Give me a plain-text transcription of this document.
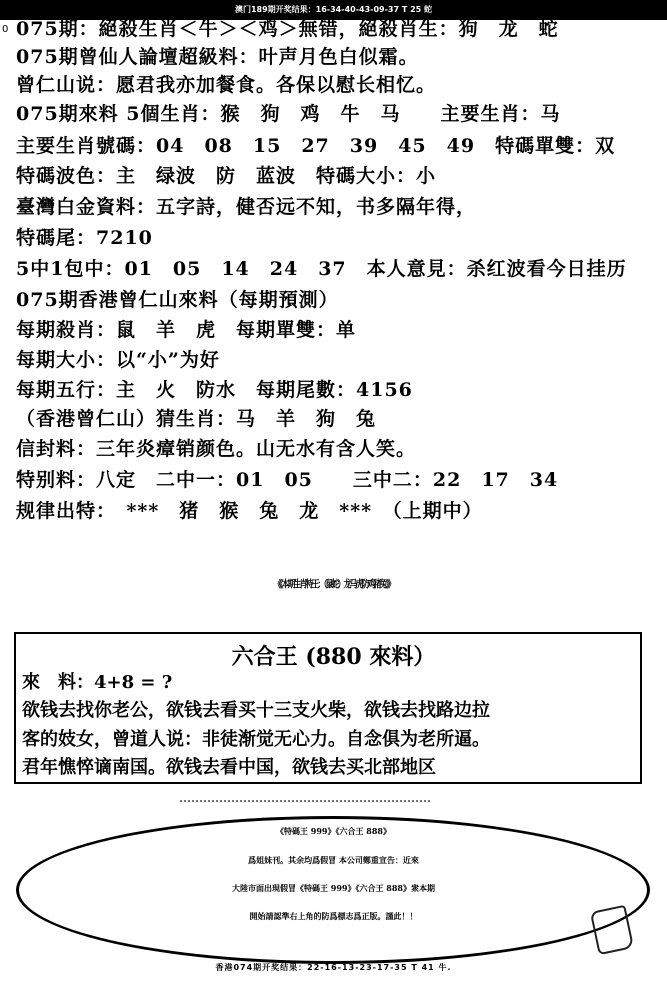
澳门189期开奖结果：16-34-40-43-09-37 T 25 蛇
0 075期：絕殺生肖＜牛＞＜鸡＞無错，絕殺肖生：狗　龙　蛇
075期曾仙人論壇超級料：叶声月色白似霜。
曾仁山说：愿君我亦加餐食。各保以慰长相忆。
075期來料 5個生肖：猴　狗　鸡　牛　马　　主要生肖：马
主要生肖號碼：04　08　15　27　39　45　49　特碼單雙：双
特碼波色：主　绿波　防　蓝波　特碼大小：小
臺灣白金資料：五字詩，健否远不知，书多隔年得，
特碼尾：7210
5中1包中：01　05　14　24　37　本人意見：杀红波看今日挂历
075期香港曾仁山來料（每期預測）
每期殺肖：鼠　羊　虎　每期單雙：单
每期大小：以“小”为好
每期五行：主　火　防水　每期尾數：4156
（香港曾仁山）猜生肖：马　羊　狗　兔
信封料：三年炎瘴销颜色。山无水有含人笑。
特别料：八定　二中一：01　05　　三中二：22　17　34
规律出特：　***　猪　猴　兔　龙　***　（上期中）
《《本期生肖特王：（鼠蛇）龙马虎防鸡猪兔》》
六合王 (880 來料）
來　料：4+8 = ?
欲钱去找你老公，欲钱去看买十三支火柴，欲钱去找路边拉
客的妓女，曾道人说：非徒渐觉无心力。自念俱为老所逼。
君年憔悴谪南国。欲钱去看中国，欲钱去买北部地区
《特碼王 999》《六合王 888》
爲姐妹刊。其余均爲假冒 本公司鄭重宣告：近來
大陸市面出現假冒《特碼王 999》《六合王 888》衆本期
開始請認準右上角的防爲標志爲正版。謹此！！
香港074期开奖结果：22-16-13-23-17-35 T 41 牛.
